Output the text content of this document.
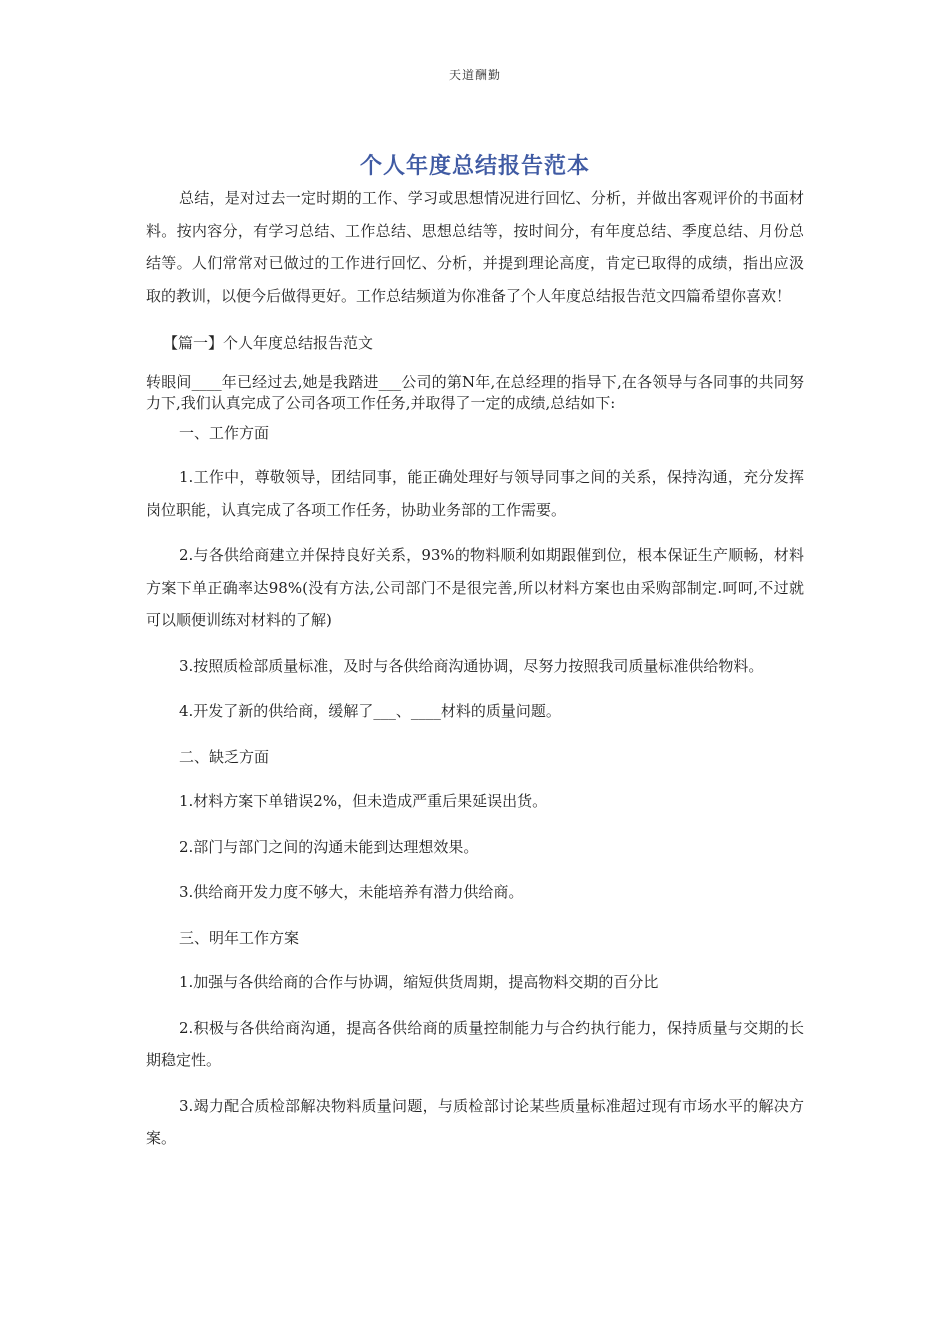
天道酬勤
个人年度总结报告范本

总结，是对过去一定时期的工作、学习或思想情况进行回忆、分析，并做出客观评价的书面材料。按内容分，有学习总结、工作总结、思想总结等，按时间分，有年度总结、季度总结、月份总结等。人们常常对已做过的工作进行回忆、分析，并提到理论高度，肯定已取得的成绩，指出应汲取的教训，以便今后做得更好。工作总结频道为你准备了个人年度总结报告范文四篇希望你喜欢！

【篇一】个人年度总结报告范文

转眼间____年已经过去,她是我踏进___公司的第N年,在总经理的指导下,在各领导与各同事的共同努力下,我们认真完成了公司各项工作任务,并取得了一定的成绩,总结如下:

一、工作方面

1.工作中，尊敬领导，团结同事，能正确处理好与领导同事之间的关系，保持沟通，充分发挥岗位职能，认真完成了各项工作任务，协助业务部的工作需要。

2.与各供给商建立并保持良好关系，93%的物料顺利如期跟催到位，根本保证生产顺畅，材料方案下单正确率达98%(没有方法,公司部门不是很完善,所以材料方案也由采购部制定.呵呵,不过就可以顺便训练对材料的了解)

3.按照质检部质量标准，及时与各供给商沟通协调，尽努力按照我司质量标准供给物料。

4.开发了新的供给商，缓解了___、____材料的质量问题。

二、缺乏方面

1.材料方案下单错误2%，但未造成严重后果延误出货。

2.部门与部门之间的沟通未能到达理想效果。

3.供给商开发力度不够大，未能培养有潜力供给商。

三、明年工作方案

1.加强与各供给商的合作与协调，缩短供货周期，提高物料交期的百分比

2.积极与各供给商沟通，提高各供给商的质量控制能力与合约执行能力，保持质量与交期的长期稳定性。

3.竭力配合质检部解决物料质量问题，与质检部讨论某些质量标准超过现有市场水平的解决方案。
